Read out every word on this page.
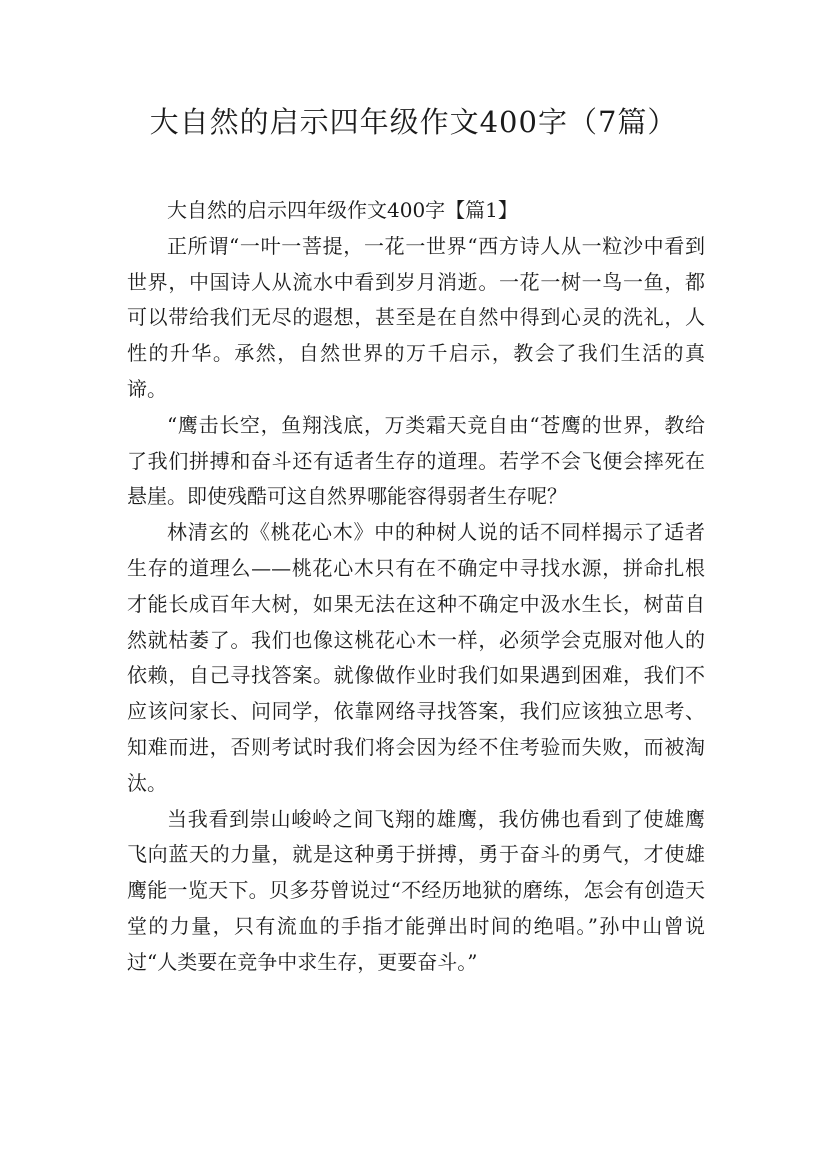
大自然的启示四年级作文400字（7篇）

大自然的启示四年级作文400字【篇1】

正所谓“一叶一菩提，一花一世界“西方诗人从一粒沙中看到世界，中国诗人从流水中看到岁月消逝。一花一树一鸟一鱼，都可以带给我们无尽的遐想，甚至是在自然中得到心灵的洗礼，人性的升华。承然，自然世界的万千启示，教会了我们生活的真谛。

“鹰击长空，鱼翔浅底，万类霜天竞自由“苍鹰的世界，教给了我们拼搏和奋斗还有适者生存的道理。若学不会飞便会摔死在悬崖。即使残酷可这自然界哪能容得弱者生存呢？

林清玄的《桃花心木》中的种树人说的话不同样揭示了适者生存的道理么——桃花心木只有在不确定中寻找水源，拼命扎根才能长成百年大树，如果无法在这种不确定中汲水生长，树苗自然就枯萎了。我们也像这桃花心木一样，必须学会克服对他人的依赖，自己寻找答案。就像做作业时我们如果遇到困难，我们不应该问家长、问同学，依靠网络寻找答案，我们应该独立思考、知难而进，否则考试时我们将会因为经不住考验而失败，而被淘汰。

当我看到崇山峻岭之间飞翔的雄鹰，我仿佛也看到了使雄鹰飞向蓝天的力量，就是这种勇于拼搏，勇于奋斗的勇气，才使雄鹰能一览天下。贝多芬曾说过“不经历地狱的磨练，怎会有创造天堂的力量，只有流血的手指才能弹出时间的绝唱。”孙中山曾说过“人类要在竞争中求生存，更要奋斗。”
